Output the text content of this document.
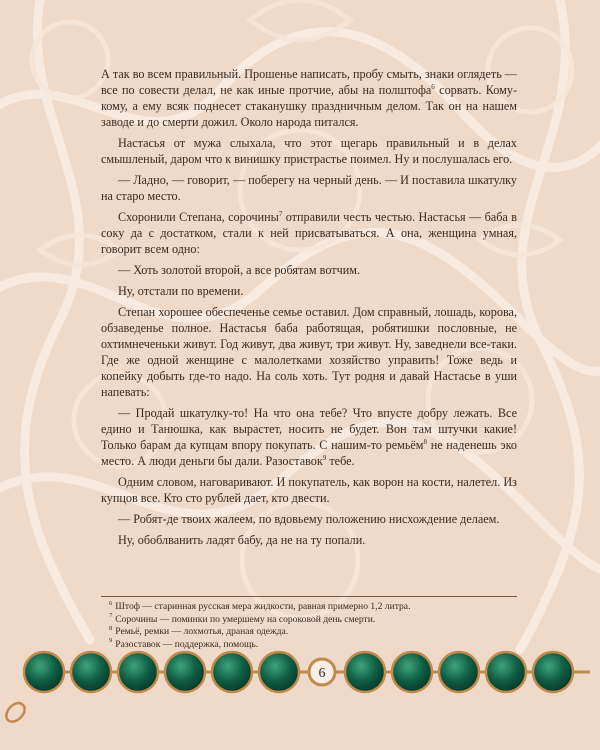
А так во всем правильный. Прошенье написать, пробу смыть, знаки оглядеть — все по совести делал, не как иные протчие, абы на полштофа$^6$ сорвать. Кому-кому, а ему всяк поднесет стаканушку праздничным делом. Так он на нашем заводе и до смерти дожил. Около народа питался.

Настасья от мужа слыхала, что этот щегарь правильный и в делах смышленый, даром что к винишку пристрастье поимел. Ну и послушалась его.

— Ладно, — говорит, — поберегу на черный день. — И поставила шкатулку на старо место.

Схоронили Степана, сорочины$^7$ отправили честь честью. Настасья — баба в соку да с достатком, стали к ней присватываться. А она, женщина умная, говорит всем одно:

— Хоть золотой второй, а все робятам вотчим.

Ну, отстали по времени.

Степан хорошее обеспеченье семье оставил. Дом справный, лошадь, корова, обзаведенье полное. Настасья баба работящая, робятишки пословные, не охтимнеченьки живут. Год живут, два живут, три живут. Ну, заведнели все-таки. Где же одной женщине с малолетками хозяйство управить! Тоже ведь и копейку добыть где-то надо. На соль хоть. Тут родня и давай Настасье в уши напевать:

— Продай шкатулку-то! На что она тебе? Что впусте добру лежать. Все едино и Танюшка, как вырастет, носить не будет. Вон там штучки какие! Только барам да купцам впору покупать. С нашим-то ремьём$^8$ не наденешь эко место. А люди деньги бы дали. Разоставок$^9$ тебе.

Одним словом, наговаривают. И покупатель, как ворон на кости, налетел. Из купцов все. Кто сто рублей дает, кто двести.

— Робят-де твоих жалеем, по вдовьему положению нисхождение делаем.

Ну, обоблванить ладят бабу, да не на ту попали.

$^6$ Штоф — старинная русская мера жидкости, равная примерно 1,2 литра.

$^7$ Сорочины — поминки по умершему на сороковой день смерти.

$^8$ Ремьё, ремки — лохмотья, драная одежда.

$^9$ Разоставок — поддержка, помощь.

6
